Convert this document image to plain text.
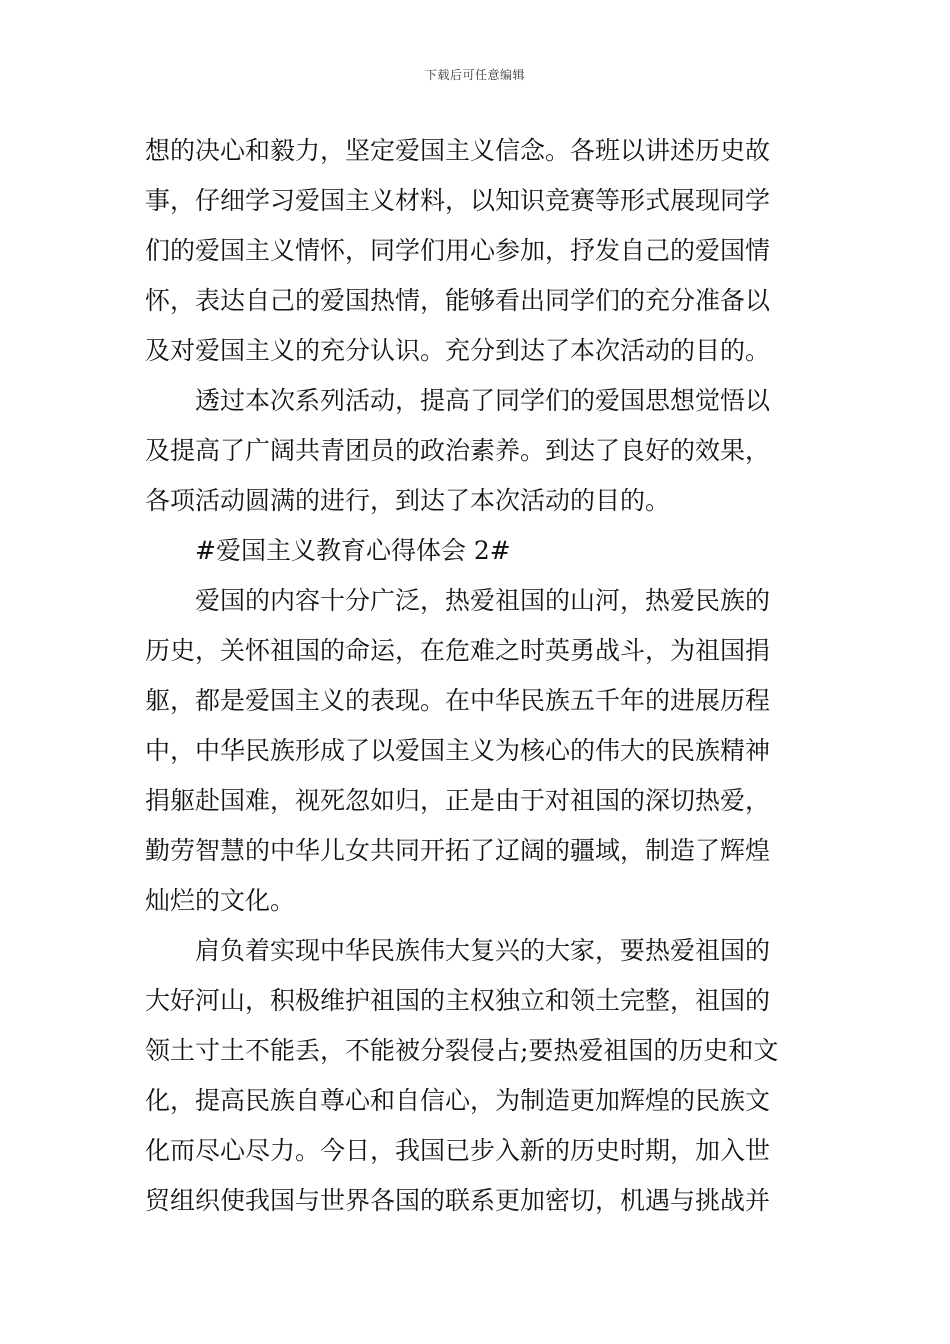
下载后可任意编辑
想的决心和毅力，坚定爱国主义信念。各班以讲述历史故
事，仔细学习爱国主义材料，以知识竞赛等形式展现同学
们的爱国主义情怀，同学们用心参加，抒发自己的爱国情
怀，表达自己的爱国热情，能够看出同学们的充分准备以
及对爱国主义的充分认识。充分到达了本次活动的目的。
透过本次系列活动，提高了同学们的爱国思想觉悟以
及提高了广阔共青团员的政治素养。到达了良好的效果，
各项活动圆满的进行，到达了本次活动的目的。
#爱国主义教育心得体会 2#
爱国的内容十分广泛，热爱祖国的山河，热爱民族的
历史，关怀祖国的命运，在危难之时英勇战斗，为祖国捐
躯，都是爱国主义的表现。在中华民族五千年的进展历程
中，中华民族形成了以爱国主义为核心的伟大的民族精神
捐躯赴国难，视死忽如归，正是由于对祖国的深切热爱，
勤劳智慧的中华儿女共同开拓了辽阔的疆域，制造了辉煌
灿烂的文化。
肩负着实现中华民族伟大复兴的大家，要热爱祖国的
大好河山，积极维护祖国的主权独立和领土完整，祖国的
领土寸土不能丢，不能被分裂侵占;要热爱祖国的历史和文
化，提高民族自尊心和自信心，为制造更加辉煌的民族文
化而尽心尽力。今日，我国已步入新的历史时期，加入世
贸组织使我国与世界各国的联系更加密切，机遇与挑战并
